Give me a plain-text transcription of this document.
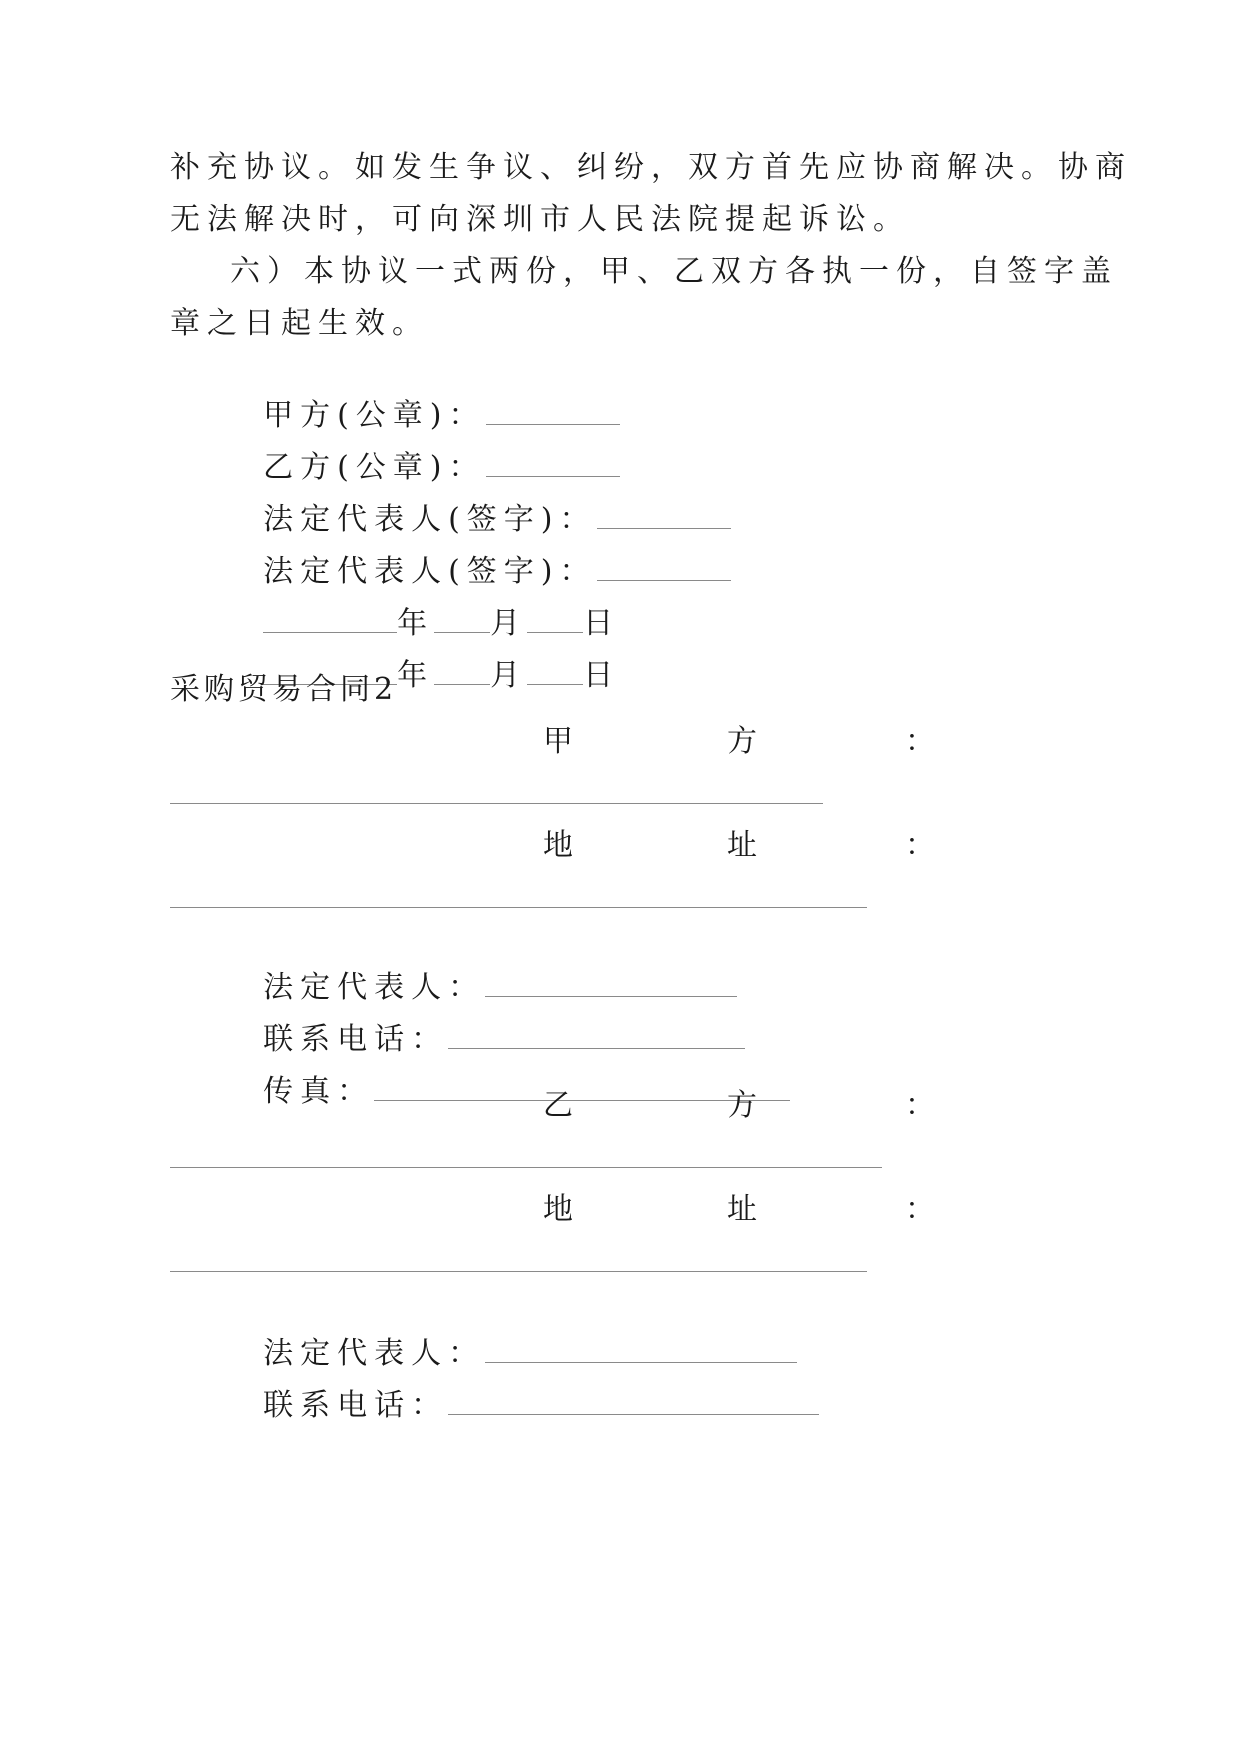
补充协议。如发生争议、纠纷，双方首先应协商解决。协商
无法解决时，可向深圳市人民法院提起诉讼。
六）本协议一式两份，甲、乙双方各执一份，自签字盖
章之日起生效。

甲方(公章)：

乙方(公章)：

法定代表人(签字)：

法定代表人(签字)：

年 月 日

年 月 日

采购贸易合同2
甲	方	：
地	址	：

法定代表人：

联系电话：

传真：	乙	方	：
地	址	：

法定代表人：

联系电话：
